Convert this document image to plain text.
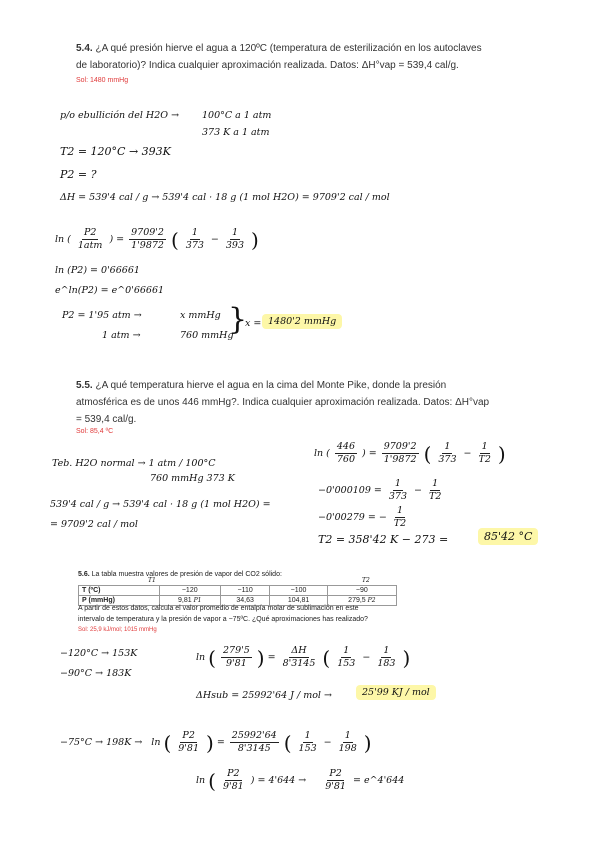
5.4. ¿A qué presión hierve el agua a 120ºC (temperatura de esterilización en los autoclaves
de laboratorio)? Indica cualquier aproximación realizada. Datos: ΔH°vap = 539,4 cal/g.
Sol: 1480 mmHg
p/o ebullición del H2O → 100°C a 1 atm
373 K a 1 atm
T2 = 120°C → 393K
P2 = ?
ΔH = 539'4 cal / g → 539'4 cal · 18 g (1 mol H2O) = 9709'2 cal / mol
ln ( $\frac{P2}{\text{1atm}}$ ) = $\frac{9709'2}{1'9872}$ ( $\frac{1}{373} - \frac{1}{393}$ )
ln (P2) = 0'66661
e^ln(P2) = e^0'66661
P2 = 1'95 atm →	x mmHg
1 atm →	760 mmHg
}
x = 1480'2 mmHg
5.5. ¿A qué temperatura hierve el agua en la cima del Monte Pike, donde la presión
atmosférica es de unos 446 mmHg?. Indica cualquier aproximación realizada. Datos: ΔH°vap
= 539,4 cal/g.
Sol: 85,4 ºC
Teb. H2O normal → 1 atm / 100°C
760 mmHg 373 K
539'4 cal / g → 539'4 cal · 18 g (1 mol H2O) =
= 9709'2 cal / mol
ln ( $\frac{446}{760}$ ) = $\frac{9709'2}{1'9872}$ ( $\frac{1}{373} - \frac{1}{T2}$ )
$-0'000109 = \frac{1}{373} - \frac{1}{T2}$
−0'00279 = − $\frac{1}{T2}$
T2 = 358'42 K − 273 =	85'42 °C
5.6. La tabla muestra valores de presión de vapor del CO2 sólido:
T1	T2
T (ºC)	−120	−110	−100	−90
P (mmHg)	9,81 P1	34,63	104,81	279,5 P2
A partir de estos datos, calcula el valor promedio de entalpía molar de sublimación en este
intervalo de temperatura y la presión de vapor a −75ºC. ¿Qué aproximaciones has realizado?
Sol: 25,9 kJ/mol; 1015 mmHg
−120°C → 153K
−90°C → 183K
ln ( $\frac{279'5}{9'81}$ ) = $\frac{\Delta H}{8'3145}$ ( $\frac{1}{153} - \frac{1}{183}$ )
ΔHsub = 25992'64 J / mol →	25'99 KJ / mol
−75°C → 198K → ln ( $\frac{P2}{9'81}$ ) = $\frac{25992'64}{8'3145}$ ( $\frac{1}{153} - \frac{1}{198}$ )
ln ( $\frac{P2}{9'81}$ ) = $4'644 \to \frac{P2}{9'81}$ = e^4'644
